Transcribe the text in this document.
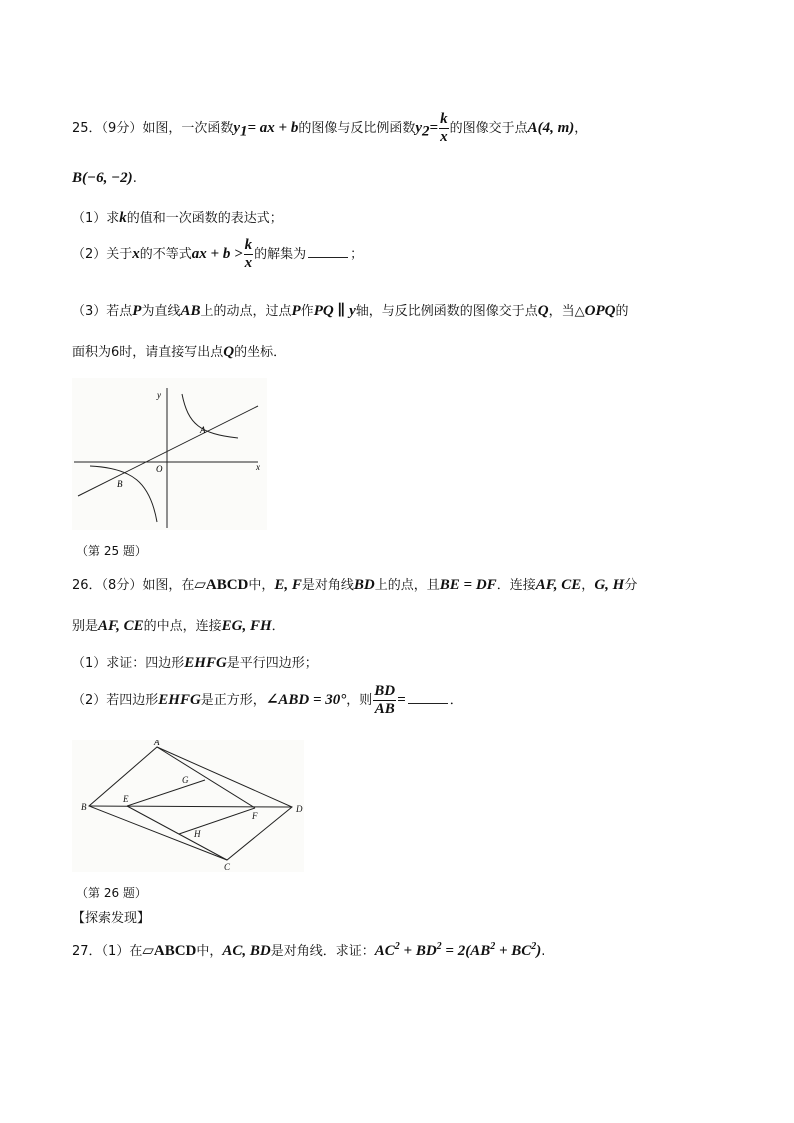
25．（9分）如图，一次函数$y_1=$ ax + b的图像与反比例函数$y_2= \frac{k}{x}$ 的图像交于点A(4, m)，
B(−6, −2).
（1）求k的值和一次函数的表达式；
（2）关于x的不等式ax + $b > \frac{k}{x}$ 的解集为	；
（3）若点P为直线AB上的动点，过点P作PQ ∥ y轴，与反比例函数的图像交于点Q，当△OPQ的
面积为6时，请直接写出点Q的坐标．
y
x
O
A
B
（第 25 题）
26．（8分）如图，在▱ABCD中，E, F是对角线BD上的点，且BE = DF．连接AF, CE，G, H分
别是AF, CE的中点，连接EG, FH．
（1）求证：四边形EHFG是平行四边形；
（2）若四边形EHFG是正方形，∠ABD = 30°，则 $\frac{BD}{AB}$ =	．
A
B
C
D
E
F
G
H
（第 26 题）
【探索发现】
27．（1）在▱ABCD中，AC, BD是对角线．求证：$AC^2 + BD^2 = 2(AB^2 + BC^2)$.
